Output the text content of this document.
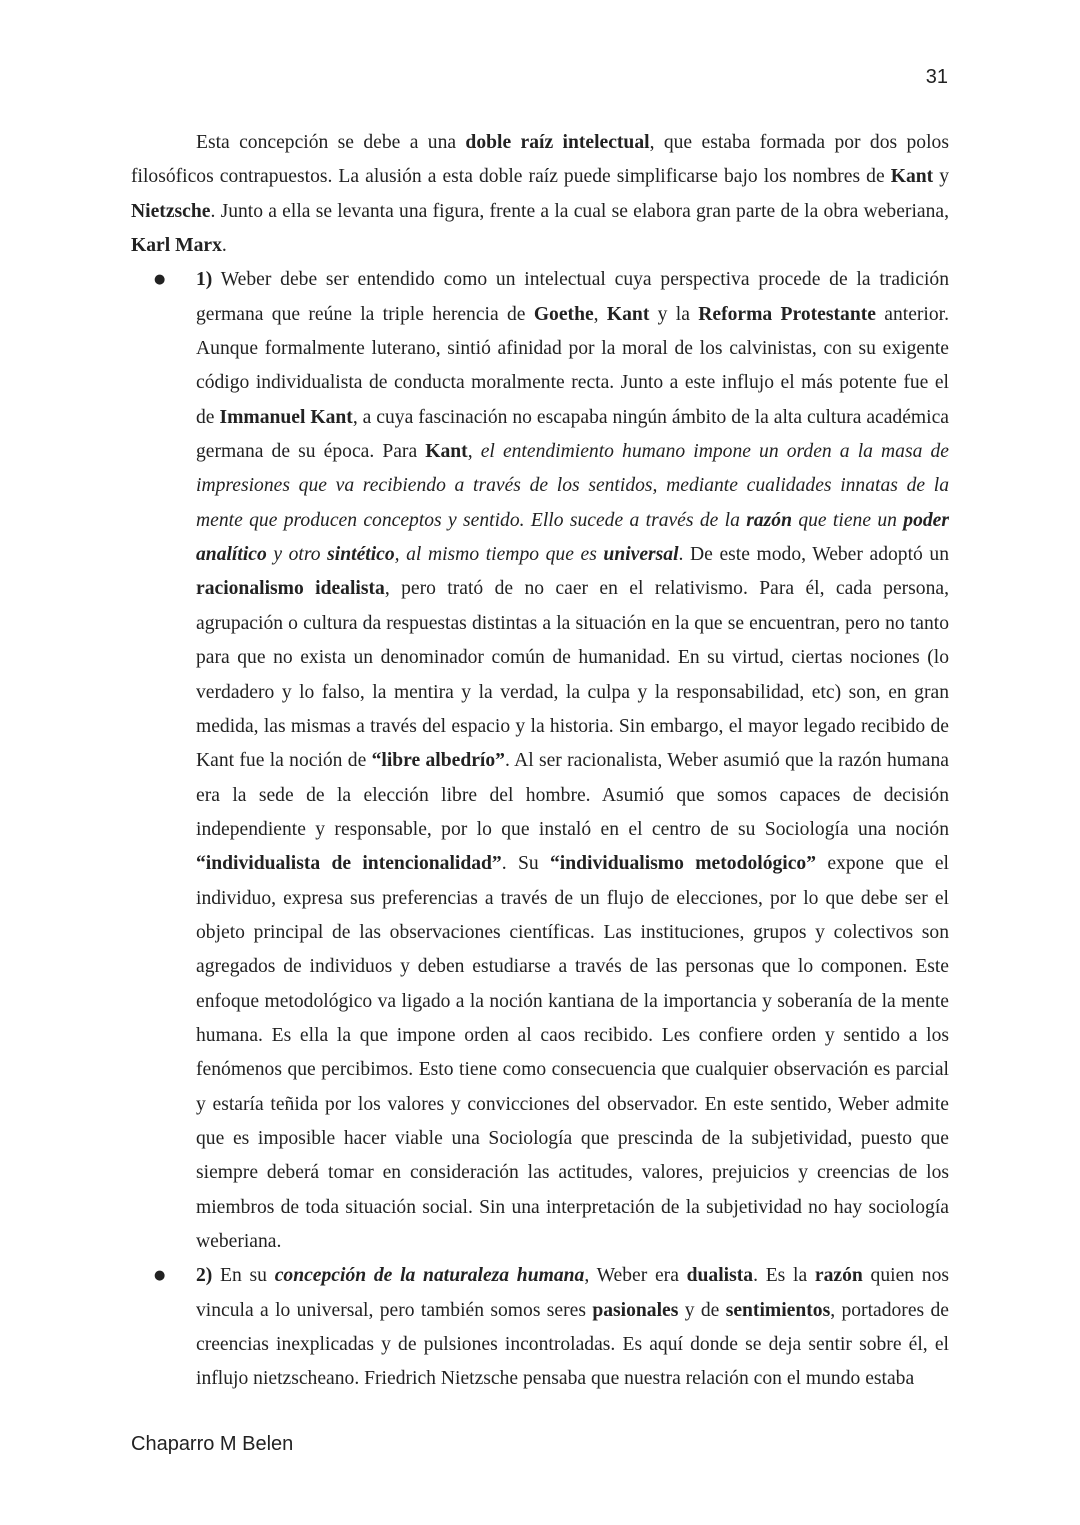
31

Esta concepción se debe a una doble raíz intelectual, que estaba formada por dos polos filosóficos contrapuestos. La alusión a esta doble raíz puede simplificarse bajo los nombres de Kant y Nietzsche. Junto a ella se levanta una figura, frente a la cual se elabora gran parte de la obra weberiana, Karl Marx.

● 1) Weber debe ser entendido como un intelectual cuya perspectiva procede de la tradición germana que reúne la triple herencia de Goethe, Kant y la Reforma Protestante anterior. Aunque formalmente luterano, sintió afinidad por la moral de los calvinistas, con su exigente código individualista de conducta moralmente recta. Junto a este influjo el más potente fue el de Immanuel Kant, a cuya fascinación no escapaba ningún ámbito de la alta cultura académica germana de su época. Para Kant, el entendimiento humano impone un orden a la masa de impresiones que va recibiendo a través de los sentidos, mediante cualidades innatas de la mente que producen conceptos y sentido. Ello sucede a través de la razón que tiene un poder analítico y otro sintético, al mismo tiempo que es universal. De este modo, Weber adoptó un racionalismo idealista, pero trató de no caer en el relativismo. Para él, cada persona, agrupación o cultura da respuestas distintas a la situación en la que se encuentran, pero no tanto para que no exista un denominador común de humanidad. En su virtud, ciertas nociones (lo verdadero y lo falso, la mentira y la verdad, la culpa y la responsabilidad, etc) son, en gran medida, las mismas a través del espacio y la historia. Sin embargo, el mayor legado recibido de Kant fue la noción de “libre albedrío”. Al ser racionalista, Weber asumió que la razón humana era la sede de la elección libre del hombre. Asumió que somos capaces de decisión independiente y responsable, por lo que instaló en el centro de su Sociología una noción “individualista de intencionalidad”. Su “individualismo metodológico” expone que el individuo, expresa sus preferencias a través de un flujo de elecciones, por lo que debe ser el objeto principal de las observaciones científicas. Las instituciones, grupos y colectivos son agregados de individuos y deben estudiarse a través de las personas que lo componen. Este enfoque metodológico va ligado a la noción kantiana de la importancia y soberanía de la mente humana. Es ella la que impone orden al caos recibido. Les confiere orden y sentido a los fenómenos que percibimos. Esto tiene como consecuencia que cualquier observación es parcial y estaría teñida por los valores y convicciones del observador. En este sentido, Weber admite que es imposible hacer viable una Sociología que prescinda de la subjetividad, puesto que siempre deberá tomar en consideración las actitudes, valores, prejuicios y creencias de los miembros de toda situación social. Sin una interpretación de la subjetividad no hay sociología weberiana.
● 2) En su concepción de la naturaleza humana, Weber era dualista. Es la razón quien nos vincula a lo universal, pero también somos seres pasionales y de sentimientos, portadores de creencias inexplicadas y de pulsiones incontroladas. Es aquí donde se deja sentir sobre él, el influjo nietzscheano. Friedrich Nietzsche pensaba que nuestra relación con el mundo estaba
Chaparro M Belen
